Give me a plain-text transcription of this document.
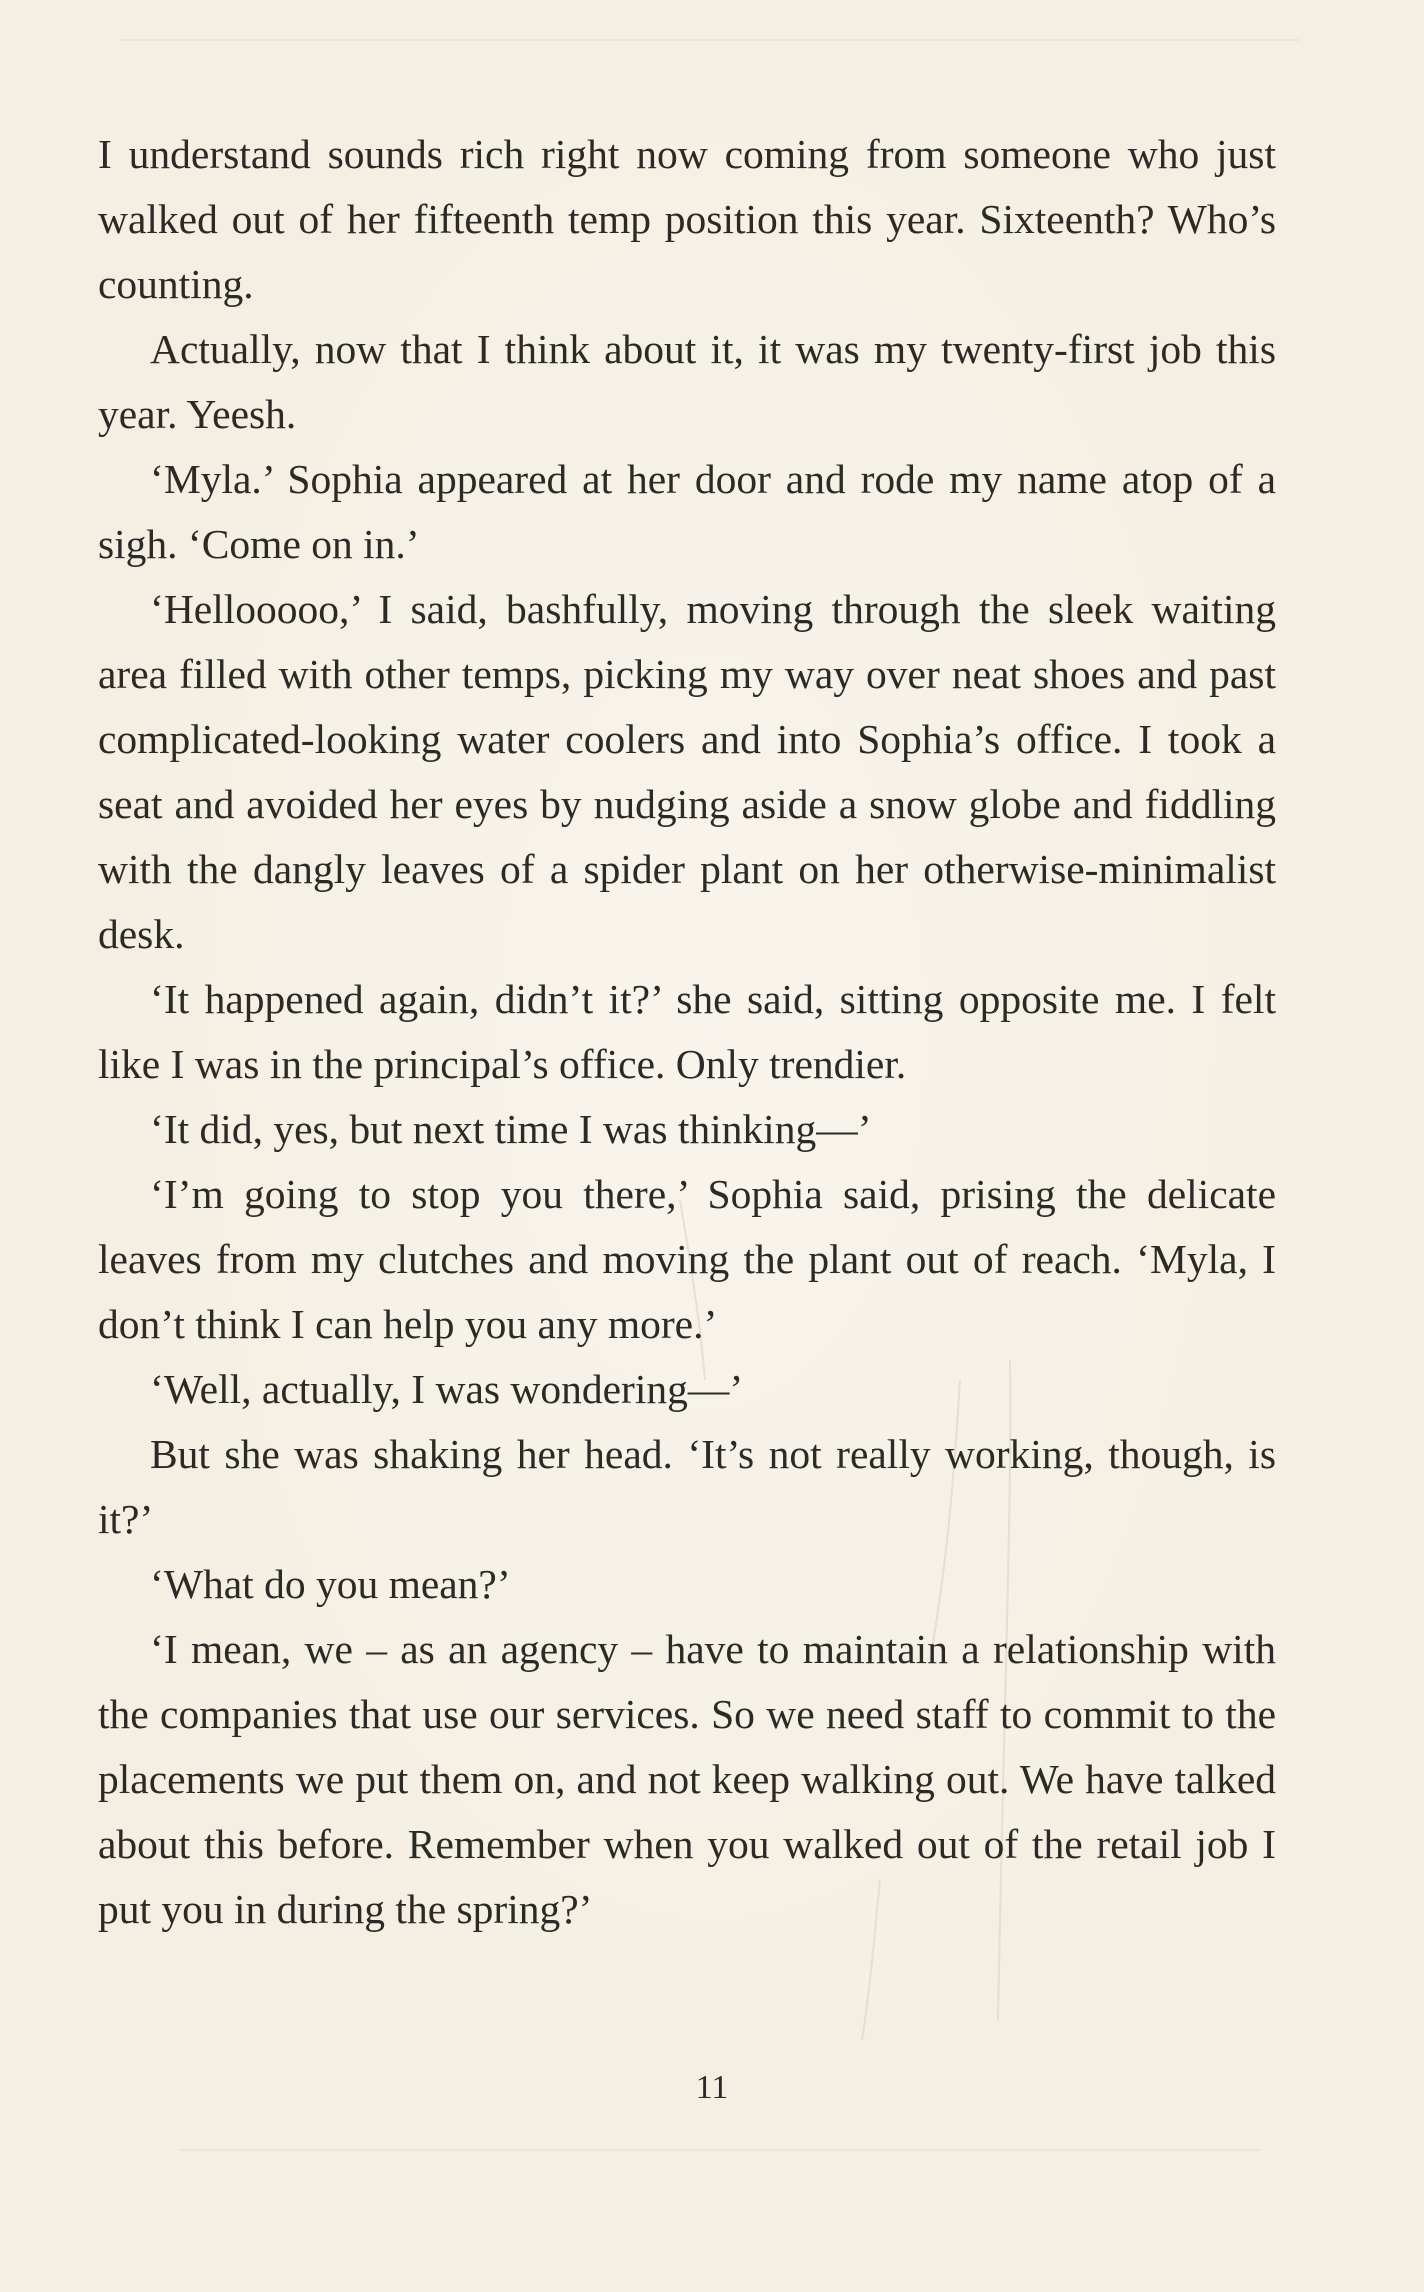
I understand sounds rich right now coming from someone who just walked out of her fifteenth temp position this year. Sixteenth? Who’s counting.

Actually, now that I think about it, it was my twenty-first job this year. Yeesh.

‘Myla.’ Sophia appeared at her door and rode my name atop of a sigh. ‘Come on in.’

‘Hellooooo,’ I said, bashfully, moving through the sleek waiting area filled with other temps, picking my way over neat shoes and past complicated-looking water coolers and into Sophia’s office. I took a seat and avoided her eyes by nudging aside a snow globe and fiddling with the dangly leaves of a spider plant on her otherwise-minimalist desk.

‘It happened again, didn’t it?’ she said, sitting opposite me. I felt like I was in the principal’s office. Only trendier.

‘It did, yes, but next time I was thinking—’

‘I’m going to stop you there,’ Sophia said, prising the delicate leaves from my clutches and moving the plant out of reach. ‘Myla, I don’t think I can help you any more.’

‘Well, actually, I was wondering—’

But she was shaking her head. ‘It’s not really working, though, is it?’

‘What do you mean?’

‘I mean, we – as an agency – have to maintain a relationship with the companies that use our services. So we need staff to commit to the placements we put them on, and not keep walking out. We have talked about this before. Remember when you walked out of the retail job I put you in during the spring?’

11
